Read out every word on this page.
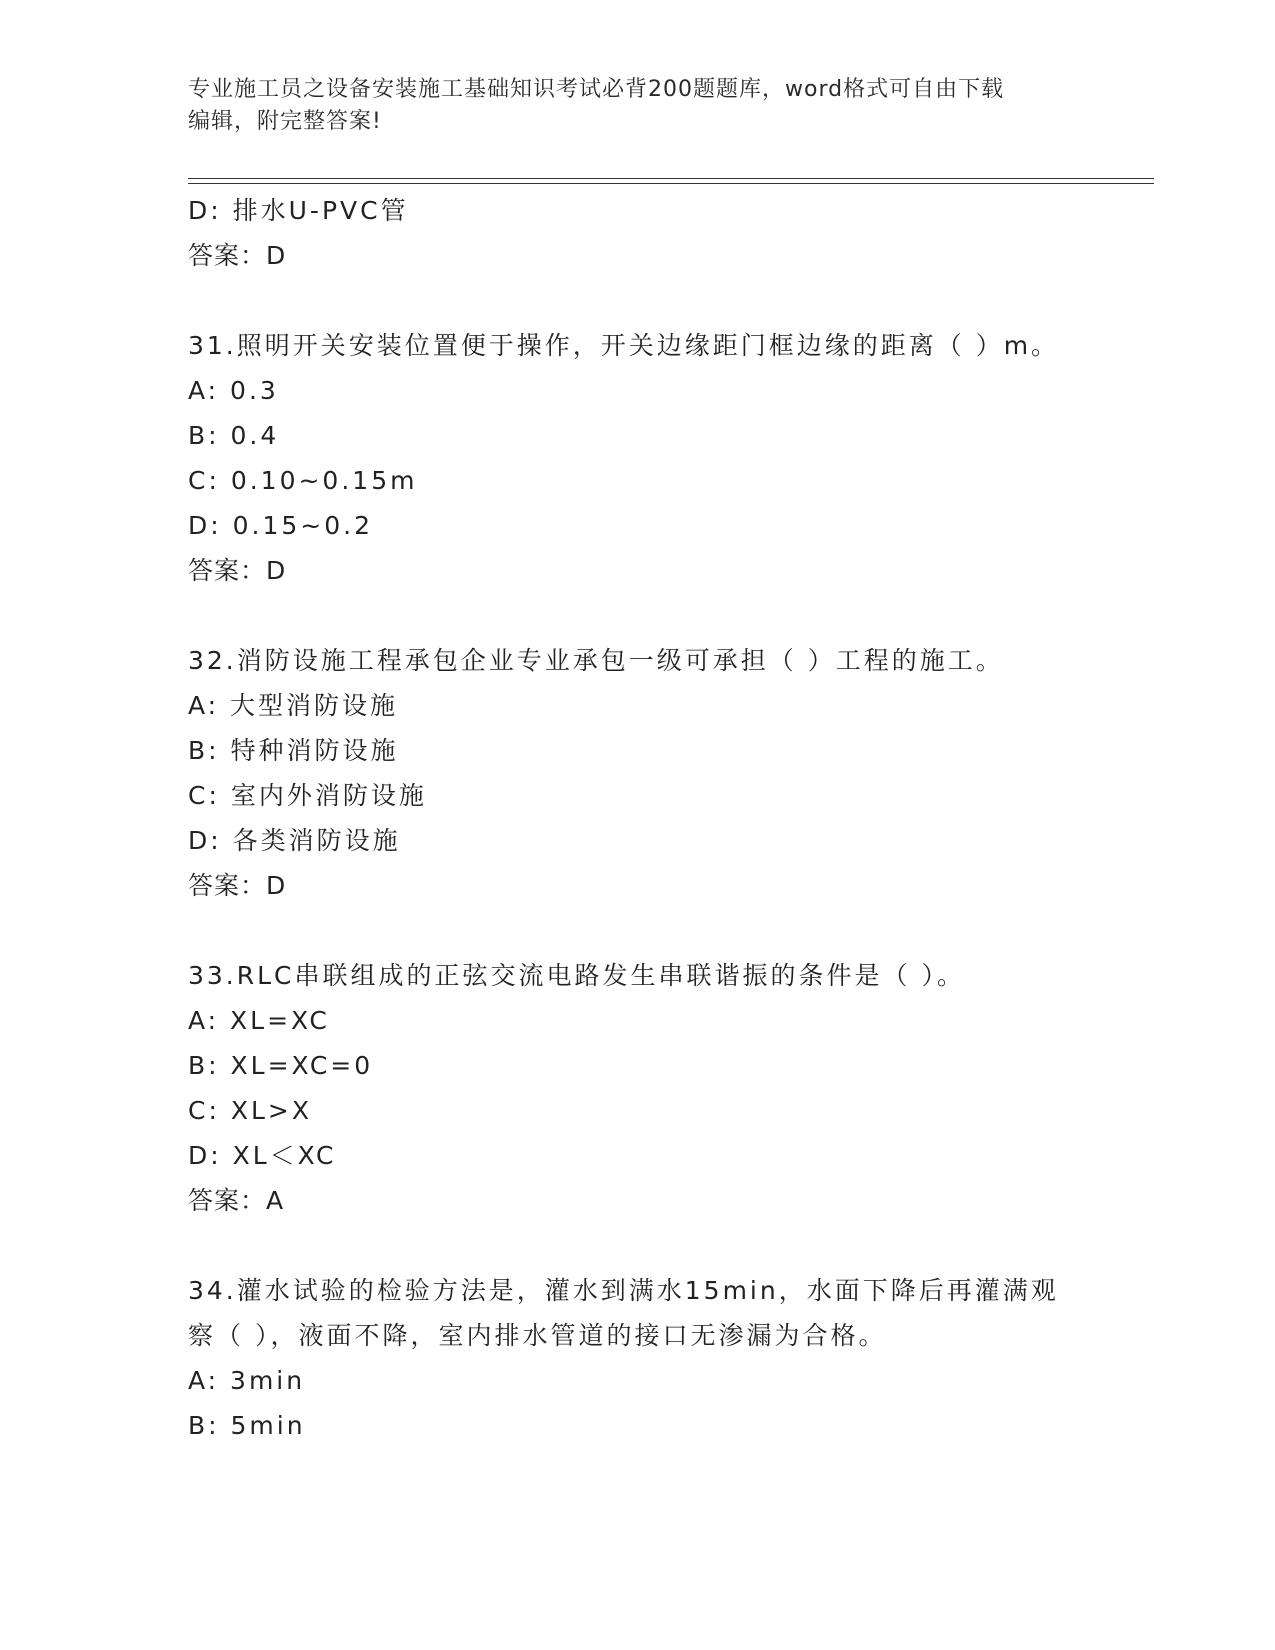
专业施工员之设备安装施工基础知识考试必背200题题库，word格式可自由下载
编辑，附完整答案!
D: 排水U-PVC管
答案：D
31.照明开关安装位置便于操作，开关边缘距门框边缘的距离（ ）m。
A: 0.3
B: 0.4
C: 0.10~0.15m
D: 0.15~0.2
答案：D
32.消防设施工程承包企业专业承包一级可承担（ ）工程的施工。
A: 大型消防设施
B: 特种消防设施
C: 室内外消防设施
D: 各类消防设施
答案：D
33.RLC串联组成的正弦交流电路发生串联谐振的条件是（ ）。
A: XL=XC
B: XL=XC=0
C: XL>X
D: XL＜XC
答案：A
34.灌水试验的检验方法是，灌水到满水15min，水面下降后再灌满观
察（ ），液面不降，室内排水管道的接口无渗漏为合格。
A: 3min
B: 5min
